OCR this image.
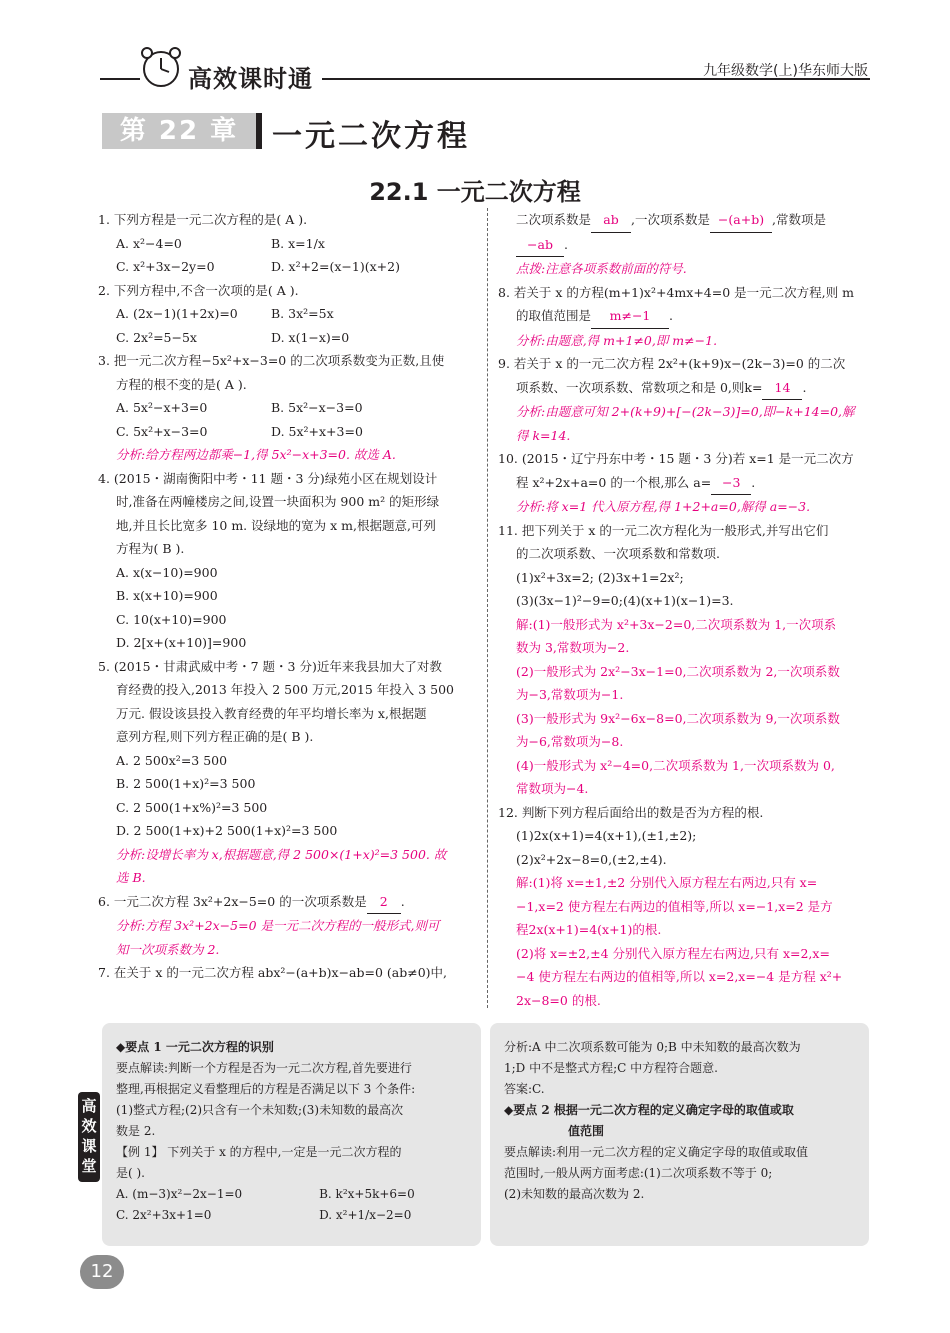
高效课时通	九年级数学(上)华东师大版
第 22 章	一元二次方程
22.1 一元二次方程

1. 下列方程是一元二次方程的是( A ).

A. x²−4=0	B. x=1/x
C. x²+3x−2y=0	D. x²+2=(x−1)(x+2)

2. 下列方程中,不含一次项的是( A ).

A. (2x−1)(1+2x)=0	B. 3x²=5x
C. 2x²=5−5x	D. x(1−x)=0

3. 把一元二次方程−5x²+x−3=0 的二次项系数变为正数,且使

方程的根不变的是( A ).

A. 5x²−x+3=0	B. 5x²−x−3=0
C. 5x²+x−3=0	D. 5x²+x+3=0

分析:给方程两边都乘−1,得 5x²−x+3=0. 故选 A.

4. (2015・湖南衡阳中考・11 题・3 分)绿苑小区在规划设计

时,准备在两幢楼房之间,设置一块面积为 900 m² 的矩形绿

地,并且长比宽多 10 m. 设绿地的宽为 x m,根据题意,可列

方程为( B ).

A. x(x−10)=900

B. x(x+10)=900

C. 10(x+10)=900

D. 2[x+(x+10)]=900

5. (2015・甘肃武威中考・7 题・3 分)近年来我县加大了对教

育经费的投入,2013 年投入 2 500 万元,2015 年投入 3 500

万元. 假设该县投入教育经费的年平均增长率为 x,根据题

意列方程,则下列方程正确的是( B ).

A. 2 500x²=3 500

B. 2 500(1+x)²=3 500

C. 2 500(1+x%)²=3 500

D. 2 500(1+x)+2 500(1+x)²=3 500

分析:设增长率为 x,根据题意,得 2 500×(1+x)²=3 500. 故

选 B.

6. 一元二次方程 3x²+2x−5=0 的一次项系数是 2 .

分析:方程 3x²+2x−5=0 是一元二次方程的一般形式,则可

知一次项系数为 2.

7. 在关于 x 的一元二次方程 abx²−(a+b)x−ab=0 (ab≠0)中,

二次项系数是 ab ,一次项系数是 −(a+b) ,常数项是

−ab .

点拨:注意各项系数前面的符号.

8. 若关于 x 的方程(m+1)x²+4mx+4=0 是一元二次方程,则 m

的取值范围是 m≠−1 .

分析:由题意,得 m+1≠0,即 m≠−1.

9. 若关于 x 的一元二次方程 2x²+(k+9)x−(2k−3)=0 的二次

项系数、一次项系数、常数项之和是 0,则k= 14 .

分析:由题意可知 2+(k+9)+[−(2k−3)]=0,即−k+14=0,解

得 k=14.

10. (2015・辽宁丹东中考・15 题・3 分)若 x=1 是一元二次方

程 x²+2x+a=0 的一个根,那么 a= −3 .

分析:将 x=1 代入原方程,得 1+2+a=0,解得 a=−3.

11. 把下列关于 x 的一元二次方程化为一般形式,并写出它们

的二次项系数、一次项系数和常数项.

(1)x²+3x=2; (2)3x+1=2x²;

(3)(3x−1)²−9=0;(4)(x+1)(x−1)=3.

解:(1)一般形式为 x²+3x−2=0,二次项系数为 1,一次项系

数为 3,常数项为−2.

(2)一般形式为 2x²−3x−1=0,二次项系数为 2,一次项系数

为−3,常数项为−1.

(3)一般形式为 9x²−6x−8=0,二次项系数为 9,一次项系数

为−6,常数项为−8.

(4)一般形式为 x²−4=0,二次项系数为 1,一次项系数为 0,

常数项为−4.

12. 判断下列方程后面给出的数是否为方程的根.

(1)2x(x+1)=4(x+1),(±1,±2);

(2)x²+2x−8=0,(±2,±4).

解:(1)将 x=±1,±2 分别代入原方程左右两边,只有 x=

−1,x=2 使方程左右两边的值相等,所以 x=−1,x=2 是方

程2x(x+1)=4(x+1)的根.

(2)将 x=±2,±4 分别代入原方程左右两边,只有 x=2,x=

−4 使方程左右两边的值相等,所以 x=2,x=−4 是方程 x²+

2x−8=0 的根.

高效课堂

◆要点 1 一元二次方程的识别

要点解读:判断一个方程是否为一元二次方程,首先要进行

整理,再根据定义看整理后的方程是否满足以下 3 个条件:

(1)整式方程;(2)只含有一个未知数;(3)未知数的最高次

数是 2.

【例 1】 下列关于 x 的方程中,一定是一元二次方程的

是( ).

A. (m−3)x²−2x−1=0	B. k²x+5k+6=0
C. 2x²+3x+1=0	D. x²+1/x−2=0

分析:A 中二次项系数可能为 0;B 中未知数的最高次数为

1;D 中不是整式方程;C 中方程符合题意.

答案:C.

◆要点 2 根据一元二次方程的定义确定字母的取值或取

值范围

要点解读:利用一元二次方程的定义确定字母的取值或取值

范围时,一般从两方面考虑:(1)二次项系数不等于 0;

(2)未知数的最高次数为 2.

12
